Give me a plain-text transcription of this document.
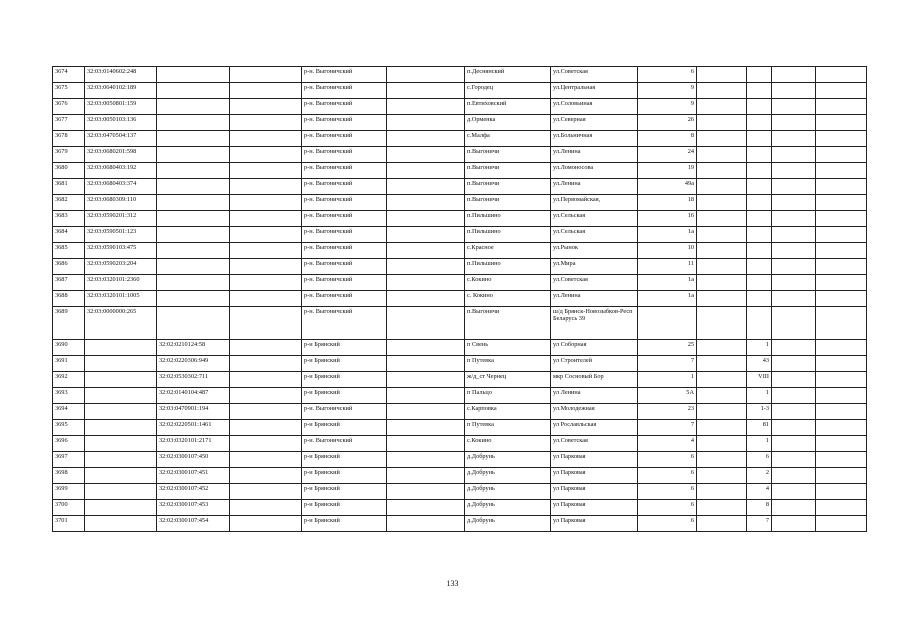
3674	32:03:0140602:248			р-н. Выгоничский		п.Деснянский	ул.Советская	6				
3675	32:03:0640102:189			р-н. Выгоничский		с.Городец	ул.Центральная	9				
3676	32:03:0050801:159			р-н. Выгоничский		п.Евтиховский	ул.Соловьиная	9				
3677	32:03:0050103:136			р-н. Выгоничский		д.Орменка	ул.Северная	26				
3678	32:03:0470504:137			р-н. Выгоничский		с.Малфа	ул.Больничная	8				
3679	32:03:0680201:598			р-н. Выгоничский		п.Выгоничи	ул.Ленина	24				
3680	32:03:0680403:192			р-н. Выгоничский		п.Выгоничи	ул.Ломоносова	19				
3681	32:03:0680403:374			р-н. Выгоничский		п.Выгоничи	ул.Ленина	49а				
3682	32:03:0680309:110			р-н. Выгоничский		п.Выгоничи	ул.Первомайская,	18				
3683	32:03:0590201:312			р-н. Выгоничский		п.Пильшино	ул.Сельская	16				
3684	32:03:0590501:123			р-н. Выгоничский		п.Пильшино	ул.Сельская	1а				
3685	32:03:0590103:475			р-н. Выгоничский		с.Красное	ул.Рынок	10				
3686	32:03:0590203:204			р-н. Выгоничский		п.Пильшино	ул.Мира	11				
3687	32:03:0320101:2360			р-н. Выгоничский		с.Кокино	ул.Советская	1а				
3688	32:03:0320101:1005			р-н. Выгоничский		с. Кокино	ул.Ленина	1а				
3689	32:03:0000000:265			р-н. Выгоничский		п.Выгоничи	ш/д Брянск-Новозыбков-Респ Беларусь 39					
3690		32:02:0210124:58		р-н Брянский		п Свень	ул Соборная	25		1		
3691		32:02:0220306:949		р-н Брянский		п Путевка	ул Строителей	7		43		
3692		32:02:0530302:711		р-н Брянский		ж/д_ст Чернец	мкр Сосновый Бор	1		VIII		
3693		32:02:0140104:487		р-н Брянский		п Пальцо	ул Ленина	5А		1		
3694		32:03:0470901:194		р-н. Выгоничский		с.Карповка	ул.Молодежная	23		1-3		
3695		32:02:0220501:1461		р-н Брянский		п Путевка	ул Рославльская	7		81		
3696		32:03:0320101:2171		р-н. Выгоничский		с.Кокино	ул.Советская	4		1		
3697		32:02:0300107:450		р-н Брянский		д.Добрунь	ул Парковая	6		6		
3698		32:02:0300107:451		р-н Брянский		д.Добрунь	ул Парковая	6		2		
3699		32:02:0300107:452		р-н Брянский		д.Добрунь	ул Парковая	6		4		
3700		32:02:0300107:453		р-н Брянский		д.Добрунь	ул Парковая	6		8		
3701		32:02:0300107:454		р-н Брянский		д.Добрунь	ул Парковая	6		7		
133
